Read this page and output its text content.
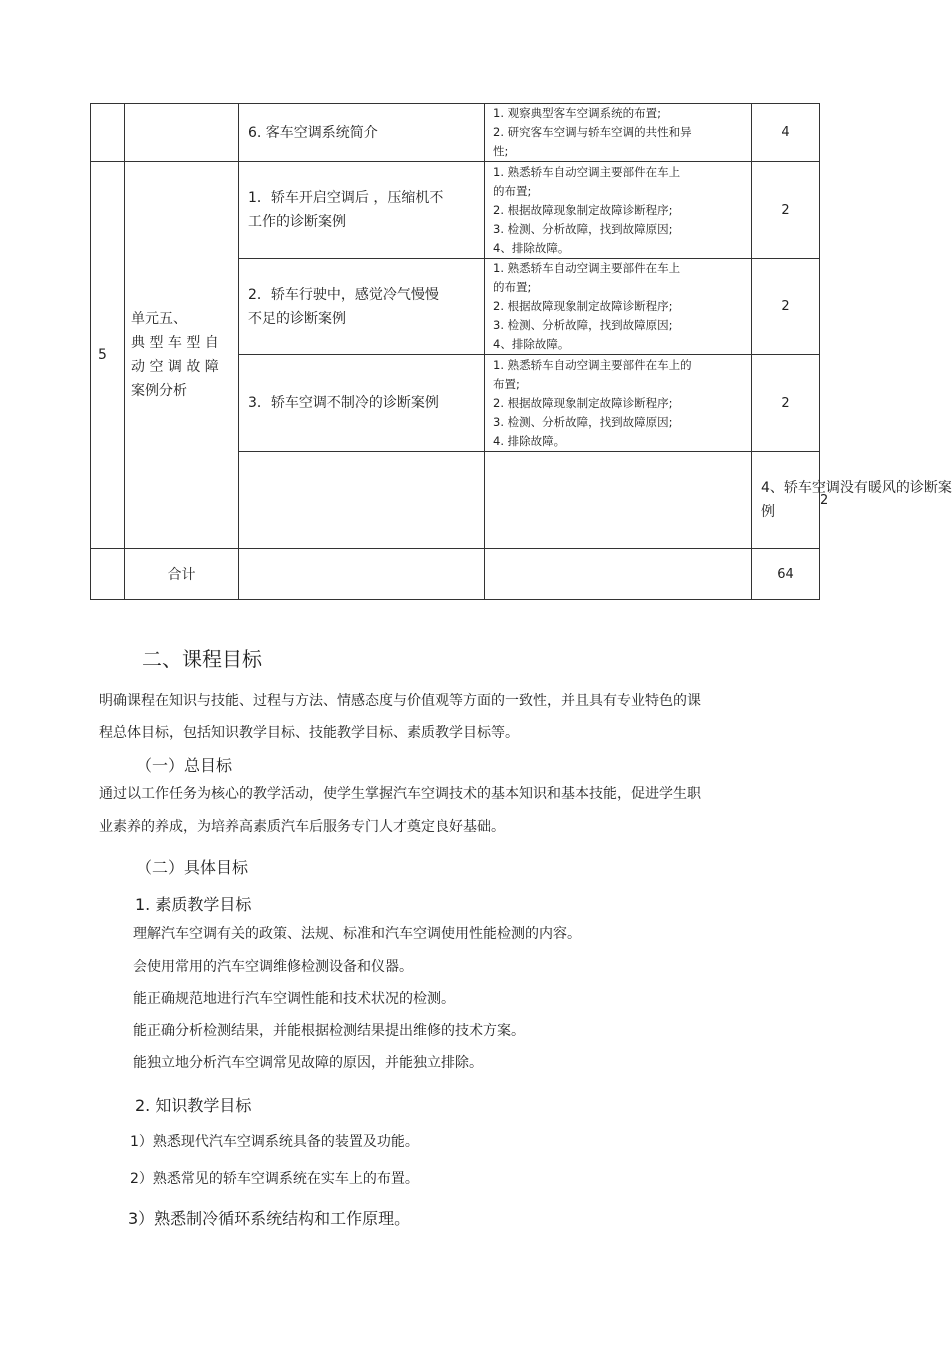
		6. 客车空调系统简介	1. 观察典型客车空调系统的布置;
2. 研究客车空调与轿车空调的共性和异
性;	4	
5	单元五、
典 型 车 型 自
动 空 调 故 障
案例分析	1．轿车开启空调后 ，压缩机不
工作的诊断案例	1. 熟悉轿车自动空调主要部件在车上
的布置;
2. 根据故障现象制定故障诊断程序;
3. 检测、分析故障，找到故障原因;
4、排除故障。	2	

		2．轿车行驶中，感觉冷气慢慢
不足的诊断案例	1. 熟悉轿车自动空调主要部件在车上
的布置;
2. 根据故障现象制定故障诊断程序;
3. 检测、分析故障，找到故障原因;
4、排除故障。	2	

		3．轿车空调不制冷的诊断案例	1. 熟悉轿车自动空调主要部件在车上的
布置;
2. 根据故障现象制定故障诊断程序;
3. 检测、分析故障，找到故障原因;
4. 排除故障。	2	

				4、轿车空调没有暖风的诊断案
例		2
	合计			64	
二、课程目标
明确课程在知识与技能、过程与方法、情感态度与价值观等方面的一致性，并且具有专业特色的课
程总体目标，包括知识教学目标、技能教学目标、素质教学目标等。
（一）总目标
通过以工作任务为核心的教学活动，使学生掌握汽车空调技术的基本知识和基本技能，促进学生职
业素养的养成，为培养高素质汽车后服务专门人才奠定良好基础。
（二）具体目标
1. 素质教学目标
理解汽车空调有关的政策、法规、标准和汽车空调使用性能检测的内容。
会使用常用的汽车空调维修检测设备和仪器。
能正确规范地进行汽车空调性能和技术状况的检测。
能正确分析检测结果，并能根据检测结果提出维修的技术方案。
能独立地分析汽车空调常见故障的原因，并能独立排除。
2. 知识教学目标
1）熟悉现代汽车空调系统具备的装置及功能。
2）熟悉常见的轿车空调系统在实车上的布置。
3）熟悉制冷循环系统结构和工作原理。
